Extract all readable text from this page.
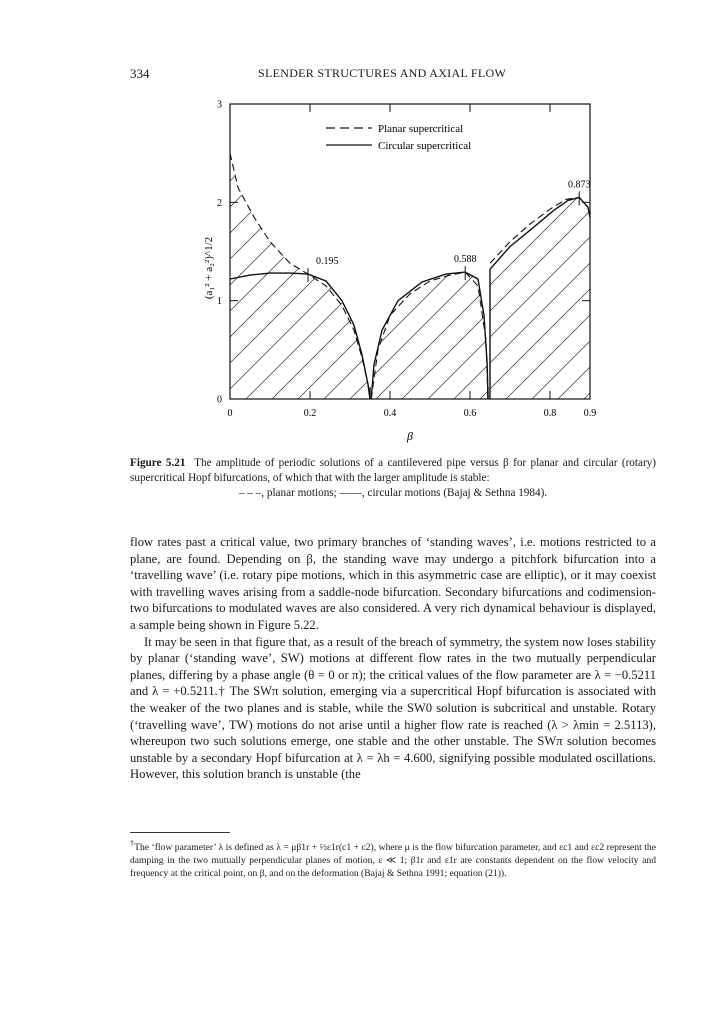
334	SLENDER STRUCTURES AND AXIAL FLOW
0	0.2	0.4	0.6	0.8	0.9
0
1
2
3
Planar supercritical
Circular supercritical
0.195	0.588
0.873
(a₁² + a₂²)^1/2
β
Figure 5.21 The amplitude of periodic solutions of a cantilevered pipe versus β for planar and circular (rotary) supercritical Hopf bifurcations, of which that with the larger amplitude is stable:
– – –, planar motions; ——, circular motions (Bajaj & Sethna 1984).

flow rates past a critical value, two primary branches of ‘standing waves’, i.e. motions restricted to a plane, are found. Depending on β, the standing wave may undergo a pitchfork bifurcation into a ‘travelling wave’ (i.e. rotary pipe motions, which in this asymmetric case are elliptic), or it may coexist with travelling waves arising from a saddle-node bifurcation. Secondary bifurcations and codimension-two bifurcations to modulated waves are also considered. A very rich dynamical behaviour is displayed, a sample being shown in Figure 5.22.

It may be seen in that figure that, as a result of the breach of symmetry, the system now loses stability by planar (‘standing wave’, SW) motions at different flow rates in the two mutually perpendicular planes, differing by a phase angle (θ = 0 or π); the critical values of the flow parameter are λ = −0.5211 and λ = +0.5211.† The SWπ solution, emerging via a supercritical Hopf bifurcation is associated with the weaker of the two planes and is stable, while the SW0 solution is subcritical and unstable. Rotary (‘travelling wave’, TW) motions do not arise until a higher flow rate is reached (λ > λmin = 2.5113), whereupon two such solutions emerge, one stable and the other unstable. The SWπ solution becomes unstable by a secondary Hopf bifurcation at λ = λh = 4.600, signifying possible modulated oscillations. However, this solution branch is unstable (the

†The ‘flow parameter’ λ is defined as λ = μβ1r + ½ε1r(c1 + c2), where μ is the flow bifurcation parameter, and εc1 and εc2 represent the damping in the two mutually perpendicular planes of motion, ε ≪ 1; β1r and ε1r are constants dependent on the flow velocity and frequency at the critical point, on β, and on the deformation (Bajaj & Sethna 1991; equation (21)).
